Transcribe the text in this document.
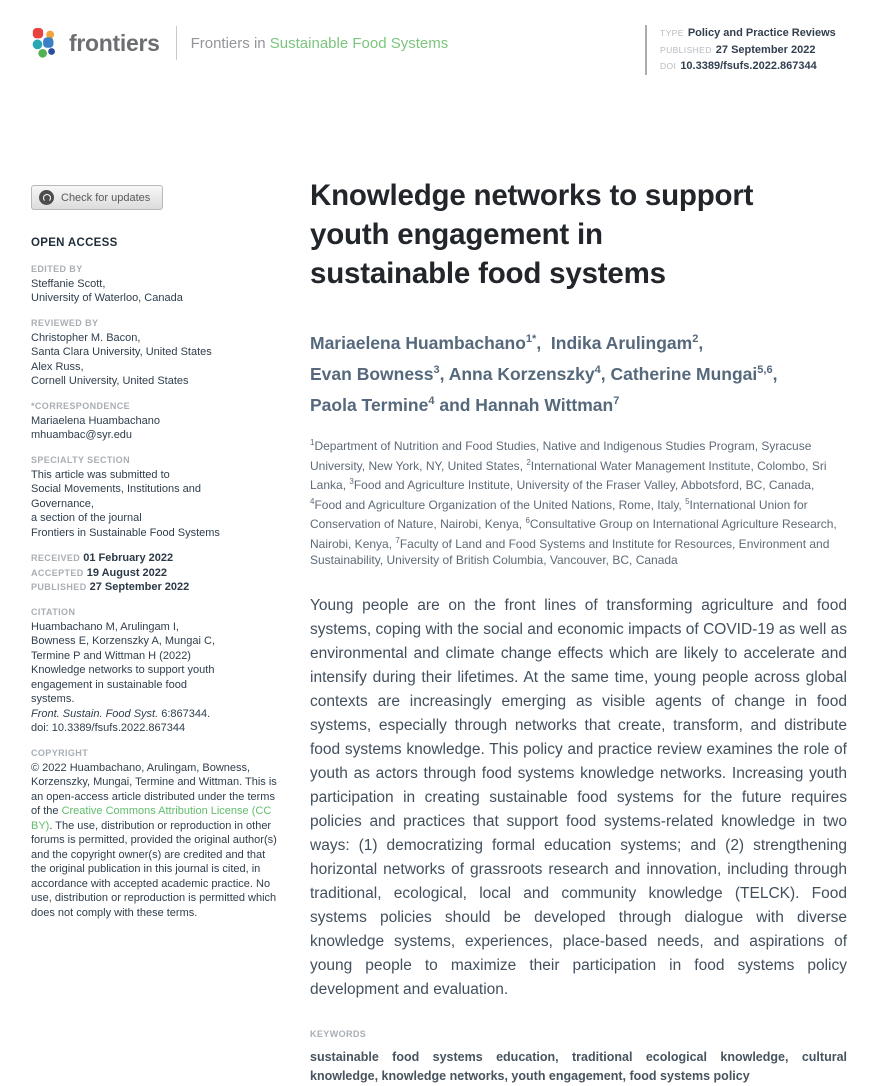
frontiers Frontiers in Sustainable Food Systems
TYPE Policy and Practice Reviews
PUBLISHED 27 September 2022
DOI 10.3389/fsufs.2022.867344
Check for updates
OPEN ACCESS
EDITED BY
Steffanie Scott,
University of Waterloo, Canada
REVIEWED BY
Christopher M. Bacon,
Santa Clara University, United States
Alex Russ,
Cornell University, United States
*CORRESPONDENCE
Mariaelena Huambachano
mhuambac@syr.edu
SPECIALTY SECTION
This article was submitted to
Social Movements, Institutions and
Governance,
a section of the journal
Frontiers in Sustainable Food Systems
RECEIVED 01 February 2022
ACCEPTED 19 August 2022
PUBLISHED 27 September 2022
CITATION
Huambachano M, Arulingam I,
Bowness E, Korzenszky A, Mungai C,
Termine P and Wittman H (2022)
Knowledge networks to support youth
engagement in sustainable food
systems.
Front. Sustain. Food Syst. 6:867344.
doi: 10.3389/fsufs.2022.867344
COPYRIGHT
© 2022 Huambachano, Arulingam, Bowness, Korzenszky, Mungai, Termine and Wittman. This is an open-access article distributed under the terms of the Creative Commons Attribution License (CC BY). The use, distribution or reproduction in other forums is permitted, provided the original author(s) and the copyright owner(s) are credited and that the original publication in this journal is cited, in accordance with accepted academic practice. No use, distribution or reproduction is permitted which does not comply with these terms.
Knowledge networks to support
youth engagement in
sustainable food systems
Mariaelena Huambachano$^{1*}$,  Indika Arulingam$^2$,
Evan Bowness$^3$, Anna Korzenszky$^4$, Catherine Mungai$^{5,6}$,
Paola Termine$^4$ and Hannah Wittman$^7$

$^1$Department of Nutrition and Food Studies, Native and Indigenous Studies Program, Syracuse University, New York, NY, United States, $^2$International Water Management Institute, Colombo, Sri Lanka, $^3$Food and Agriculture Institute, University of the Fraser Valley, Abbotsford, BC, Canada, $^4$Food and Agriculture Organization of the United Nations, Rome, Italy, $^5$International Union for Conservation of Nature, Nairobi, Kenya, $^6$Consultative Group on International Agriculture Research, Nairobi, Kenya, $^7$Faculty of Land and Food Systems and Institute for Resources, Environment and Sustainability, University of British Columbia, Vancouver, BC, Canada

Young people are on the front lines of transforming agriculture and food systems, coping with the social and economic impacts of COVID-19 as well as environmental and climate change effects which are likely to accelerate and intensify during their lifetimes. At the same time, young people across global contexts are increasingly emerging as visible agents of change in food systems, especially through networks that create, transform, and distribute food systems knowledge. This policy and practice review examines the role of youth as actors through food systems knowledge networks. Increasing youth participation in creating sustainable food systems for the future requires policies and practices that support food systems-related knowledge in two ways: (1) democratizing formal education systems; and (2) strengthening horizontal networks of grassroots research and innovation, including through traditional, ecological, local and community knowledge (TELCK). Food systems policies should be developed through dialogue with diverse knowledge systems, experiences, place-based needs, and aspirations of young people to maximize their participation in food systems policy development and evaluation.

KEYWORDS

sustainable food systems education, traditional ecological knowledge, cultural knowledge, knowledge networks, youth engagement, food systems policy
